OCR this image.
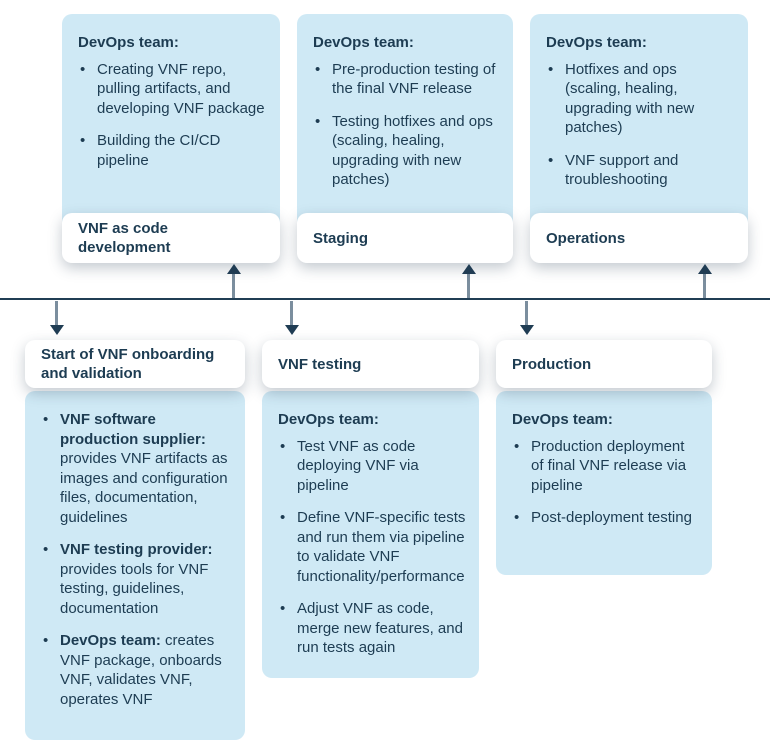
DevOps team:
• Creating VNF repo, pulling artifacts, and developing VNF package
• Building the CI/CD pipeline
VNF as code development
DevOps team:
• Pre-production testing of the final VNF release
• Testing hotfixes and ops (scaling, healing, upgrading with new patches)
Staging
DevOps team:
• Hotfixes and ops (scaling, healing, upgrading with new patches)
• VNF support and troubleshooting
Operations
Start of VNF onboarding and validation
• VNF software production supplier: provides VNF artifacts as images and configuration files, documentation, guidelines
• VNF testing provider: provides tools for VNF testing, guidelines, documentation
• DevOps team: creates VNF package, onboards VNF, validates VNF, operates VNF
VNF testing
DevOps team:
• Test VNF as code deploying VNF via pipeline
• Define VNF-specific tests and run them via pipeline to validate VNF functionality/performance
• Adjust VNF as code, merge new features, and run tests again
Production
DevOps team:
• Production deployment of final VNF release via pipeline
• Post-deployment testing
